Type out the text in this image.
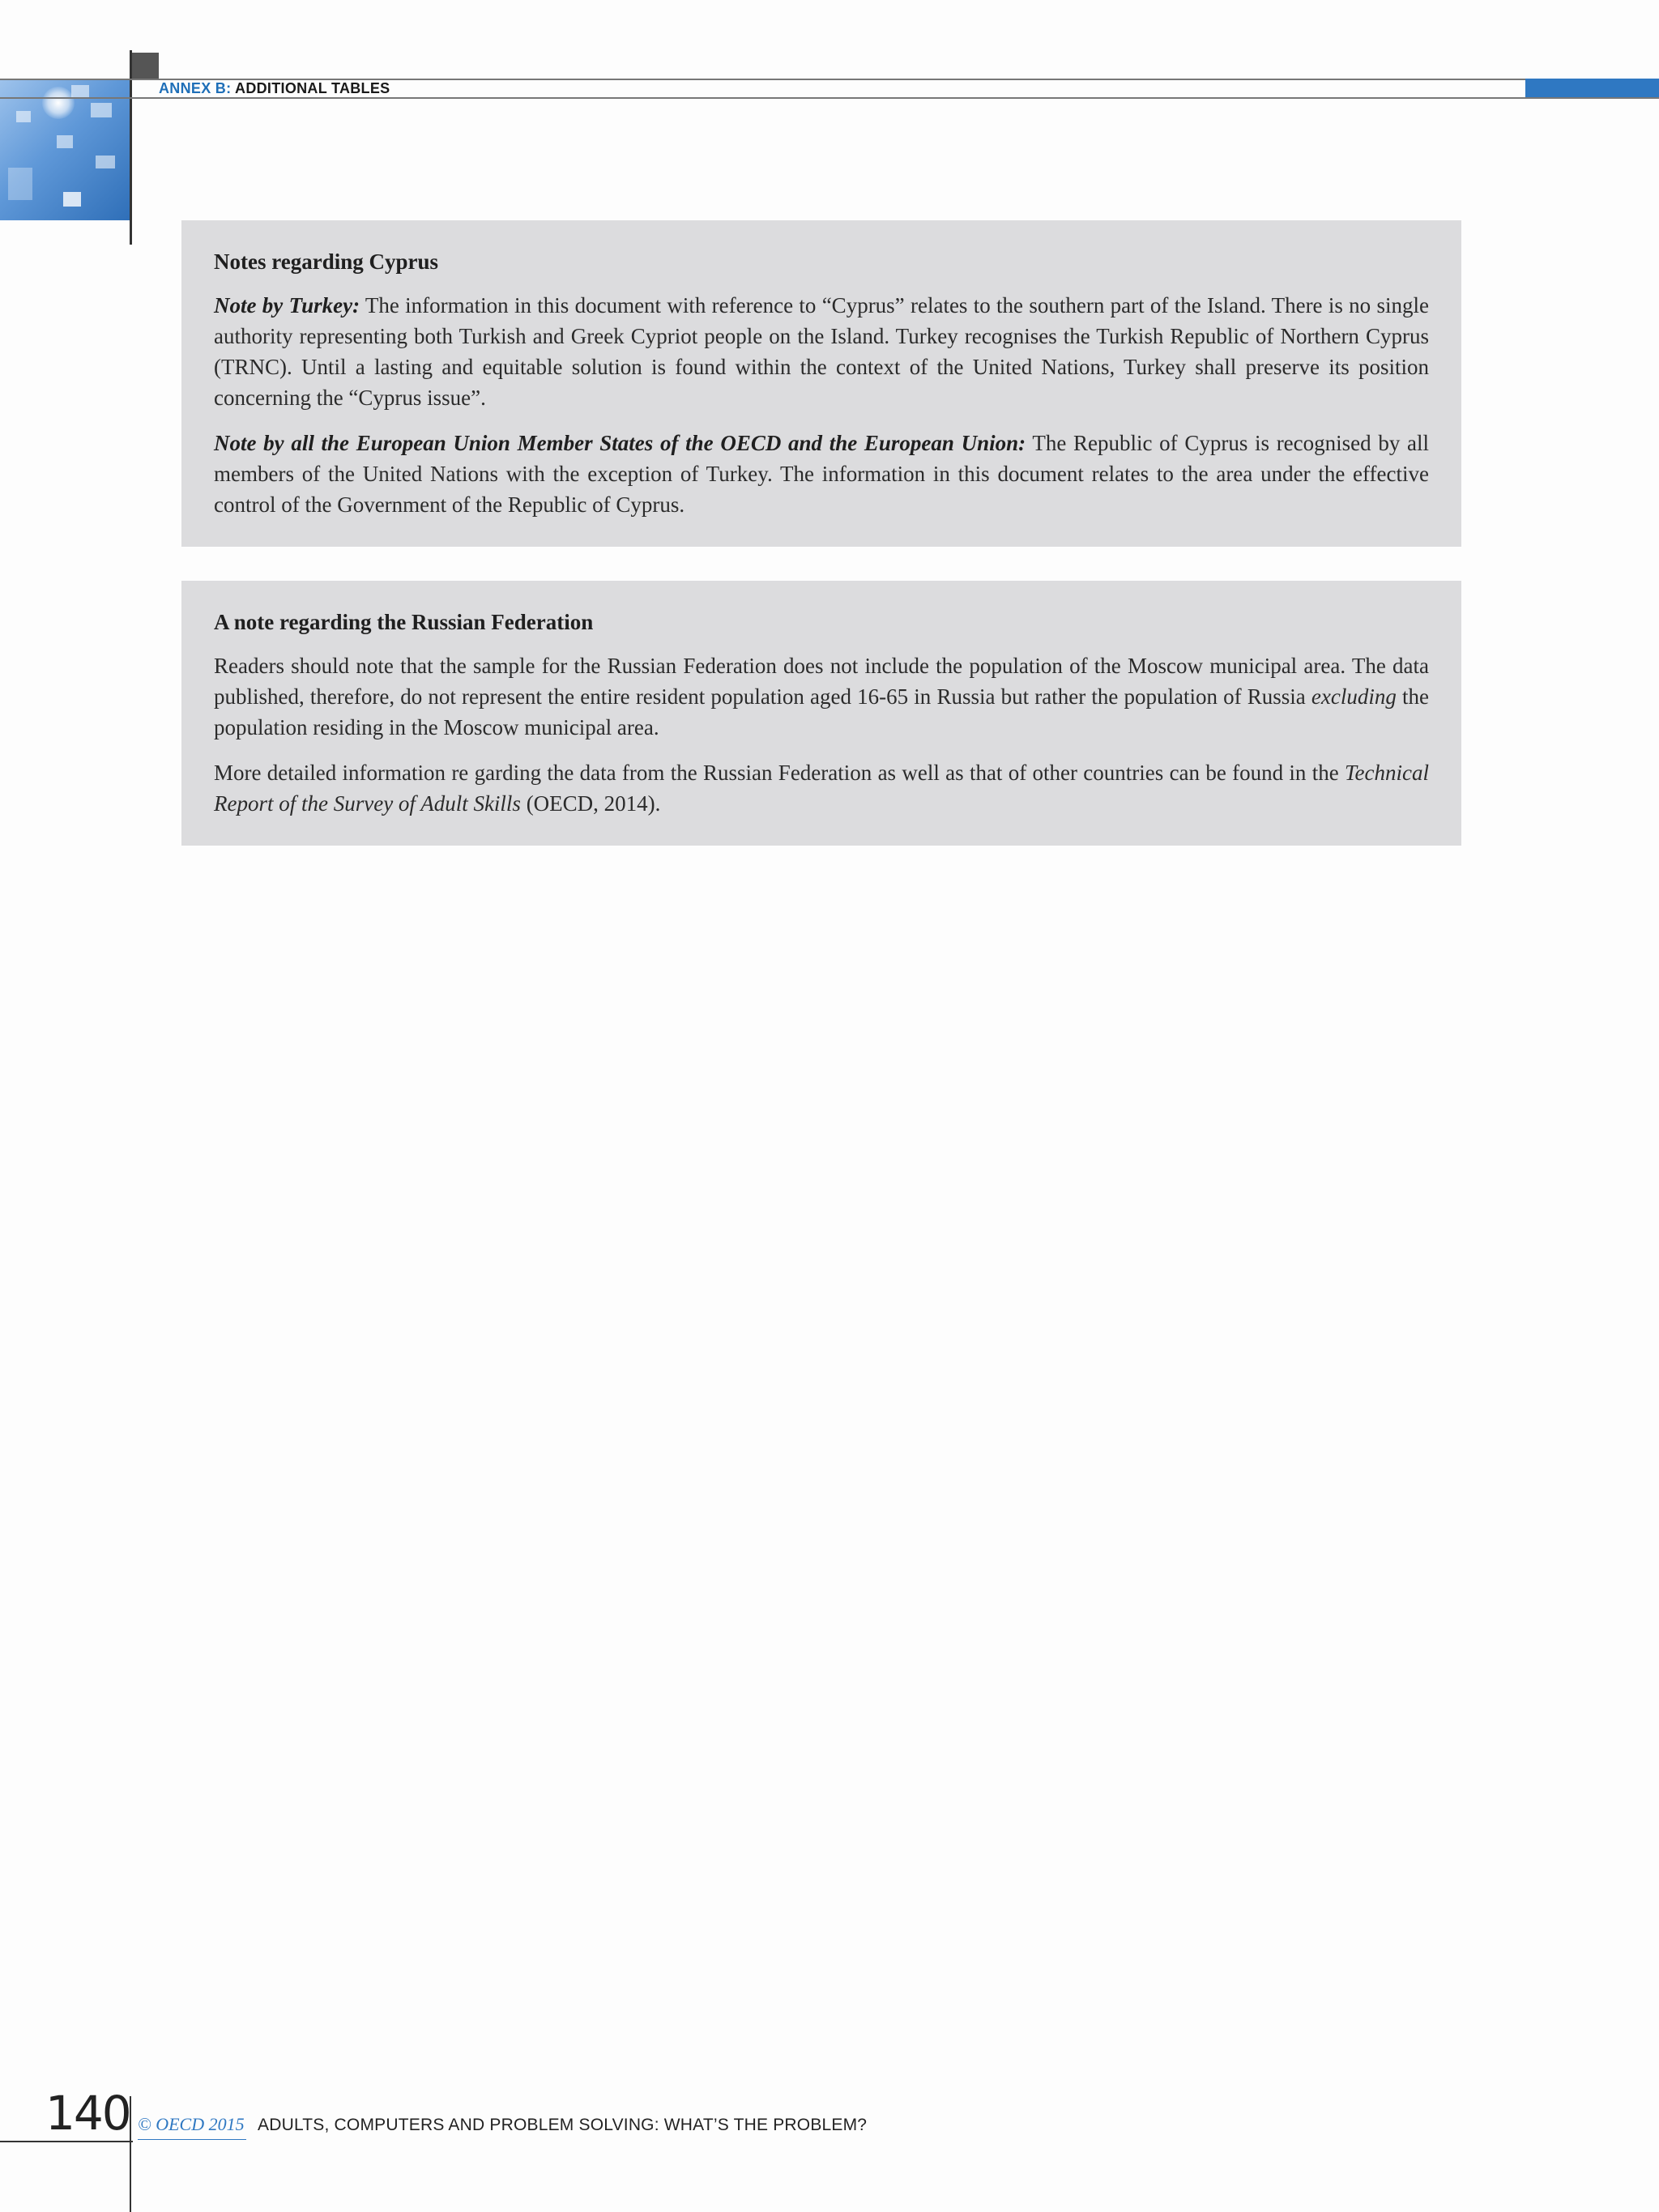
ANNEX B: ADDITIONAL TABLES
Notes regarding Cyprus

Note by Turkey: The information in this document with reference to “Cyprus” relates to the southern part of the Island. There is no single authority representing both Turkish and Greek Cypriot people on the Island. Turkey recognises the Turkish Republic of Northern Cyprus (TRNC). Until a lasting and equitable solution is found within the context of the United Nations, Turkey shall preserve its position concerning the “Cyprus issue”.

Note by all the European Union Member States of the OECD and the European Union: The Republic of Cyprus is recognised by all members of the United Nations with the exception of Turkey. The information in this document relates to the area under the effective control of the Government of the Republic of Cyprus.

A note regarding the Russian Federation

Readers should note that the sample for the Russian Federation does not include the population of the Moscow municipal area. The data published, therefore, do not represent the entire resident population aged 16-65 in Russia but rather the population of Russia excluding the population residing in the Moscow municipal area.

More detailed information re garding the data from the Russian Federation as well as that of other countries can be found in the Technical Report of the Survey of Adult Skills (OECD, 2014).

140 © OECD 2015 ADULTS, COMPUTERS AND PROBLEM SOLVING: WHAT’S THE PROBLEM?
